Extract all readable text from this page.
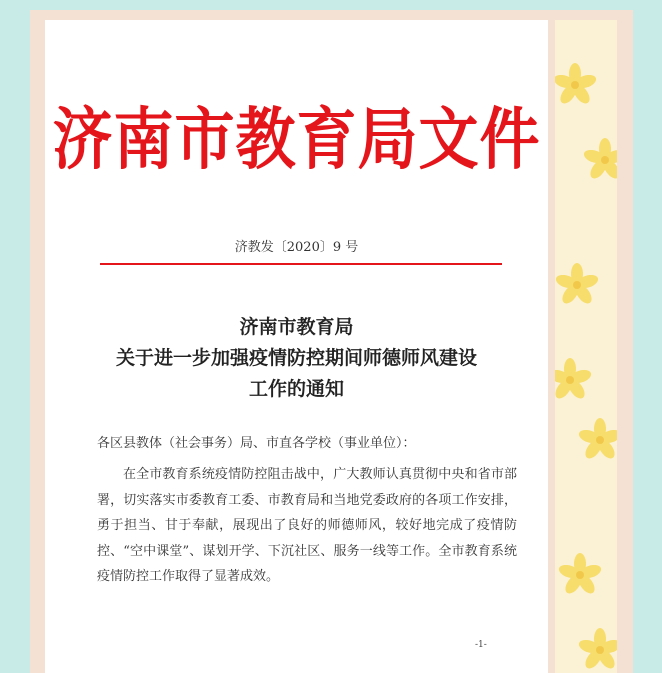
济南市教育局文件
济教发〔2020〕9 号
济南市教育局
关于进一步加强疫情防控期间师德师风建设
工作的通知
各区县教体（社会事务）局、市直各学校（事业单位）：
在全市教育系统疫情防控阻击战中，广大教师认真贯彻中央和省市部署，切实落实市委教育工委、市教育局和当地党委政府的各项工作安排，勇于担当、甘于奉献，展现出了良好的师德师风，较好地完成了疫情防控、“空中课堂”、谋划开学、下沉社区、服务一线等工作。全市教育系统疫情防控工作取得了显著成效。
-1-
